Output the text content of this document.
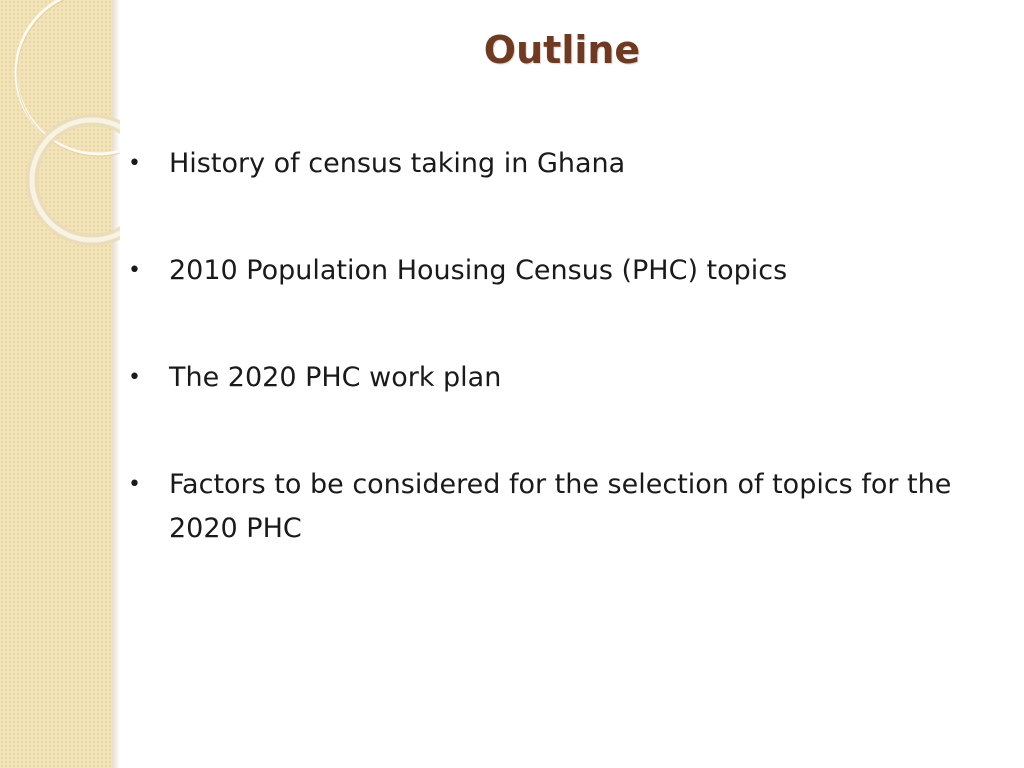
Outline
• History of census taking in Ghana
• 2010 Population Housing Census (PHC) topics
• The 2020 PHC work plan
• Factors to be considered for the selection of topics for the 2020 PHC
